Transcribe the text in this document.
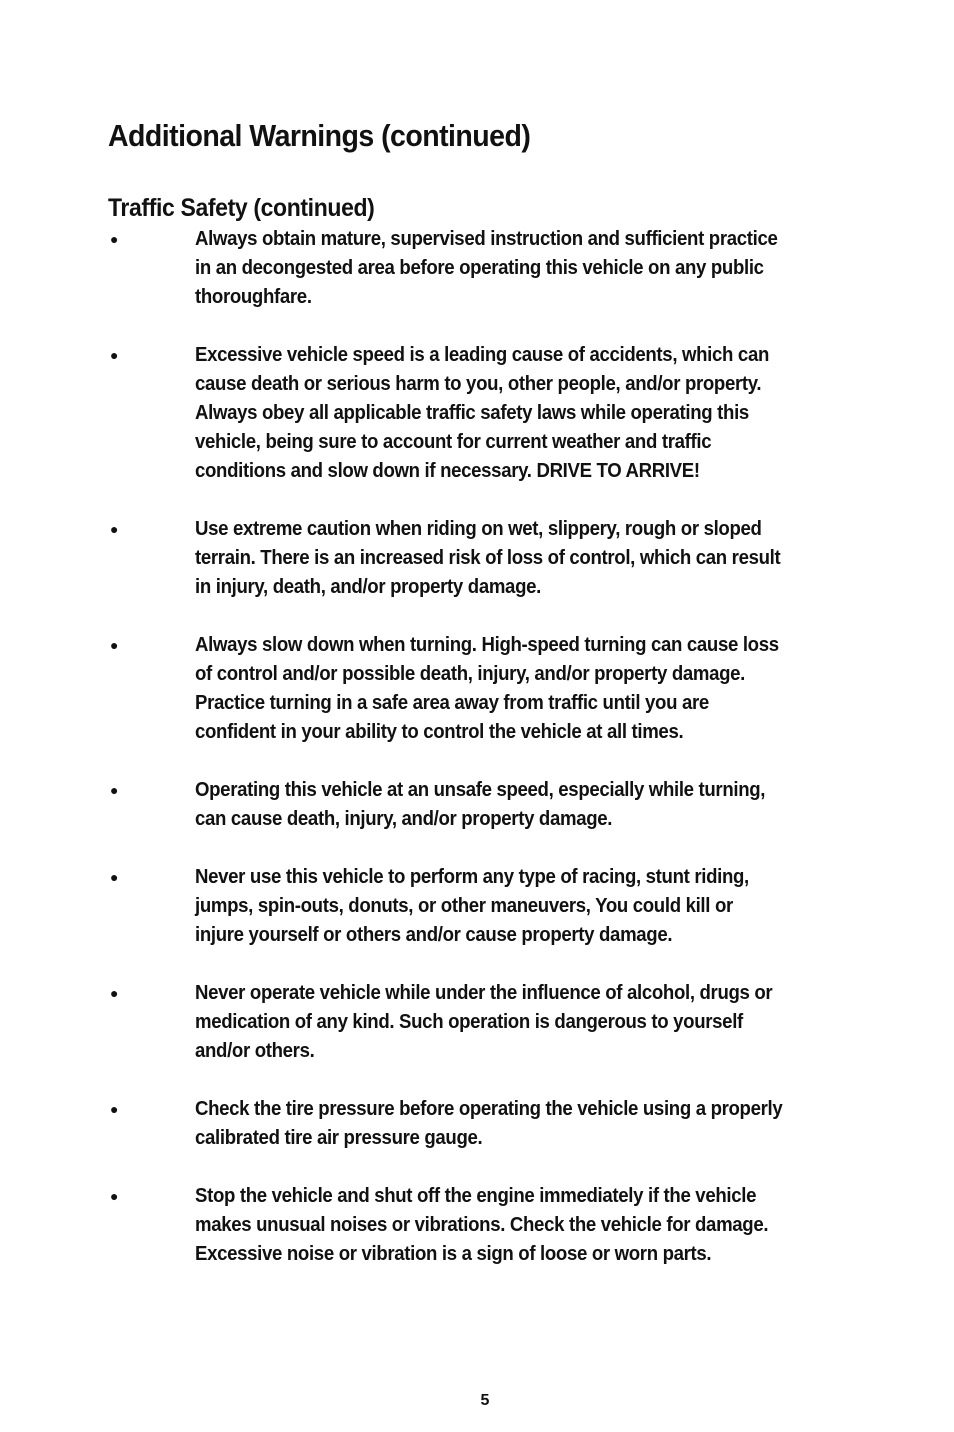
Additional Warnings (continued)
Traffic Safety (continued)
●	Always obtain mature, supervised instruction and sufficient practice
in an decongested area before operating this vehicle on any public
thoroughfare.
●	Excessive vehicle speed is a leading cause of accidents, which can
cause death or serious harm to you, other people, and/or property.
Always obey all applicable traffic safety laws while operating this
vehicle, being sure to account for current weather and traffic
conditions and slow down if necessary. DRIVE TO ARRIVE!
●	Use extreme caution when riding on wet, slippery, rough or sloped
terrain. There is an increased risk of loss of control, which can result
in injury, death, and/or property damage.
●	Always slow down when turning. High-speed turning can cause loss
of control and/or possible death, injury, and/or property damage.
Practice turning in a safe area away from traffic until you are
confident in your ability to control the vehicle at all times.
●	Operating this vehicle at an unsafe speed, especially while turning,
can cause death, injury, and/or property damage.
●	Never use this vehicle to perform any type of racing, stunt riding,
jumps, spin-outs, donuts, or other maneuvers, You could kill or
injure yourself or others and/or cause property damage.
●	Never operate vehicle while under the influence of alcohol, drugs or
medication of any kind. Such operation is dangerous to yourself
and/or others.
●	Check the tire pressure before operating the vehicle using a properly
calibrated tire air pressure gauge.
●	Stop the vehicle and shut off the engine immediately if the vehicle
makes unusual noises or vibrations. Check the vehicle for damage.
Excessive noise or vibration is a sign of loose or worn parts.
5
